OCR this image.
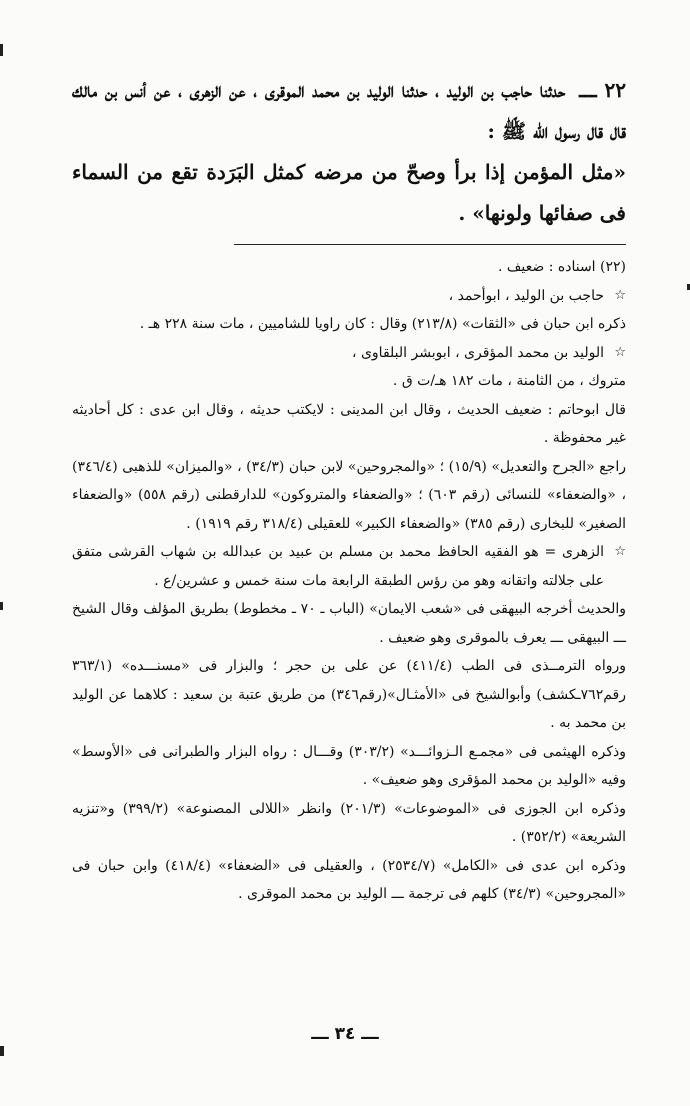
٢٢ ـــ حدثنا حاجب بن الوليد ، حدثنا الوليد بن محمد الموقرى ، عن الزهرى ، عن أنس بن مالك قال قال رسول الله ﷺ :

«مثل المؤمن إذا برأ وصحّ من مرضه كمثل البَرَدة تقع من السماء فى صفائها ولونها» .

(٢٢) اسناده : ضعيف .

☆

حاجب بن الوليد ، ابوأحمد ،

ذكره ابن حبان فى «الثقات» (٢١٣/٨) وقال : كان راويا للشاميين ، مات سنة ٢٢٨ هـ .

☆

الوليد بن محمد المؤقرى ، ابوبشر البلقاوى ،

متروك ، من الثامنة ، مات ١٨٢ هـ/ت ق .

قال ابوحاتم : ضعيف الحديث ، وقال ابن المدينى : لايكتب حديثه ، وقال ابن عدى : كل أحاديثه غير محفوظة .

راجع «الجرح والتعديل» (١٥/٩) ؛ «والمجروحين» لابن حبان (٣٤/٣) ، «والميزان» للذهبى (٣٤٦/٤) ، «والضعفاء» للنسائى (رقم ٦٠٣) ؛ «والضعفاء والمتروكون» للدارقطنى (رقم ٥٥٨) «والضعفاء الصغير» للبخارى (رقم ٣٨٥) «والضعفاء الكبير» للعقيلى (٣١٨/٤ رقم ١٩١٩) .

☆

الزهرى = هو الفقيه الحافظ محمد بن مسلم بن عبيد بن عبدالله بن شهاب القرشى متفق على جلالته واتقانه وهو من رؤس الطبقة الرابعة مات سنة خمس و عشرين/ع .

والحديث أخرجه البيهقى فى «شعب الايمان» (الباب ـ ٧٠ ـ مخطوط) بطريق المؤلف وقال الشيخ ـــ البيهقى ـــ يعرف بالموقرى وهو ضعيف .

ورواه الترمــذى فى الطب (٤١١/٤) عن على بن حجر ؛ والبزار فى «مسنـــده» (٣٦٣/١ رقم٧٦٢ـكشف) وأبوالشيخ فى «الأمثـال»(رقم٣٤٦) من طريق عتبة بن سعيد : كلاهما عن الوليد بن محمد به .

وذكره الهيثمى فى «مجمـع الـزوائـــد» (٣٠٣/٢) وقـــال : رواه البزار والطبرانى فى «الأوسط» وفيه «الوليد بن محمد المؤقرى وهو ضعيف» .

وذكره ابن الجوزى فى «الموضوعات» (٢٠١/٣) وانظر «اللالى المصنوعة» (٣٩٩/٢) و«تنزيه الشريعة» (٣٥٢/٢) .

وذكره ابن عدى فى «الكامل» (٢٥٣٤/٧) ، والعقيلى فى «الضعفاء» (٤١٨/٤) وابن حبان فى «المجروحين» (٣٤/٣) كلهم فى ترجمة ـــ الوليد بن محمد الموقرى .

ـــ ٣٤ ـــ
